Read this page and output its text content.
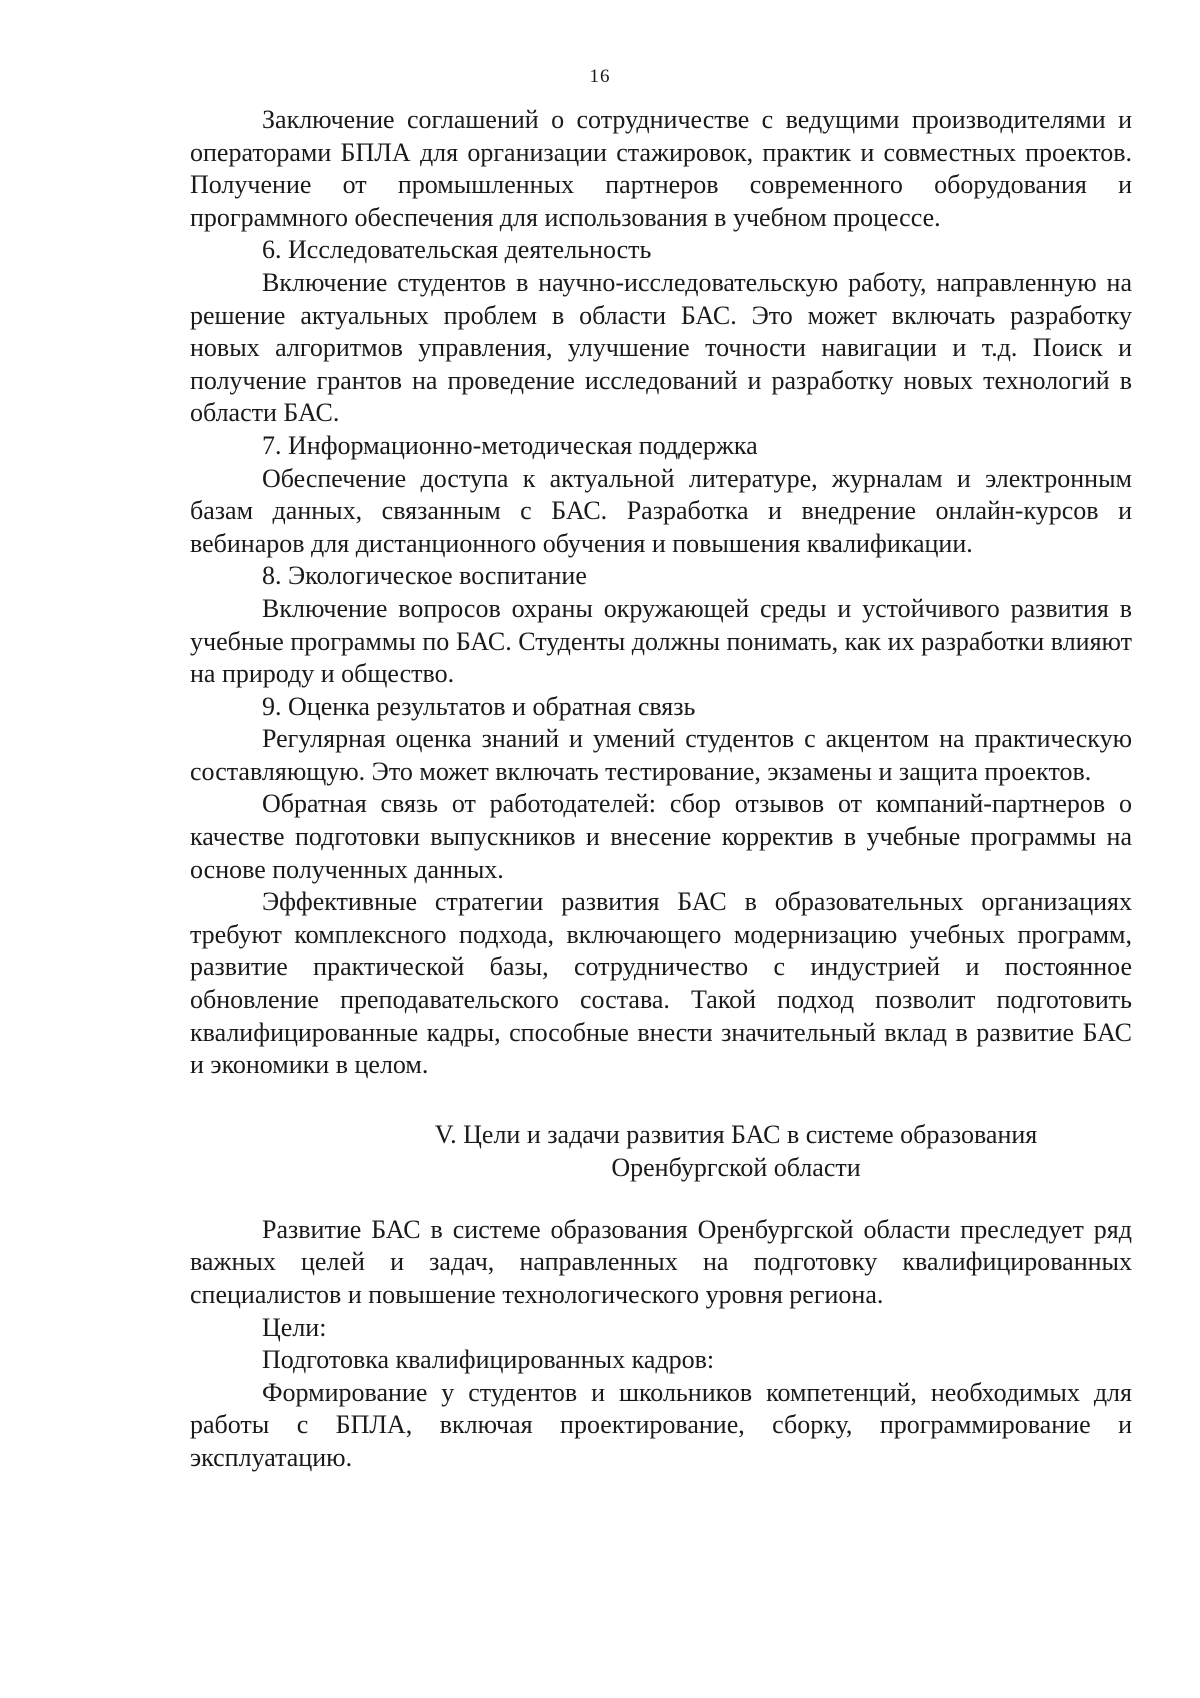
16

Заключение соглашений о сотрудничестве с ведущими производителями и операторами БПЛА для организации стажировок, практик и совместных проектов. Получение от промышленных партнеров современного оборудования и программного обеспечения для использования в учебном процессе.

6. Исследовательская деятельность

Включение студентов в научно-исследовательскую работу, направленную на решение актуальных проблем в области БАС. Это может включать разработку новых алгоритмов управления, улучшение точности навигации и т.д. Поиск и получение грантов на проведение исследований и разработку новых технологий в области БАС.

7. Информационно-методическая поддержка

Обеспечение доступа к актуальной литературе, журналам и электронным базам данных, связанным с БАС. Разработка и внедрение онлайн-курсов и вебинаров для дистанционного обучения и повышения квалификации.

8. Экологическое воспитание

Включение вопросов охраны окружающей среды и устойчивого развития в учебные программы по БАС. Студенты должны понимать, как их разработки влияют на природу и общество.

9. Оценка результатов и обратная связь

Регулярная оценка знаний и умений студентов с акцентом на практическую составляющую. Это может включать тестирование, экзамены и защита проектов.

Обратная связь от работодателей: сбор отзывов от компаний-партнеров о качестве подготовки выпускников и внесение корректив в учебные программы на основе полученных данных.

Эффективные стратегии развития БАС в образовательных организациях требуют комплексного подхода, включающего модернизацию учебных программ, развитие практической базы, сотрудничество с индустрией и постоянное обновление преподавательского состава. Такой подход позволит подготовить квалифицированные кадры, способные внести значительный вклад в развитие БАС и экономики в целом.

V. Цели и задачи развития БАС в системе образования
Оренбургской области

Развитие БАС в системе образования Оренбургской области преследует ряд важных целей и задач, направленных на подготовку квалифицированных специалистов и повышение технологического уровня региона.

Цели:

Подготовка квалифицированных кадров:

Формирование у студентов и школьников компетенций, необходимых для работы с БПЛА, включая проектирование, сборку, программирование и эксплуатацию.
